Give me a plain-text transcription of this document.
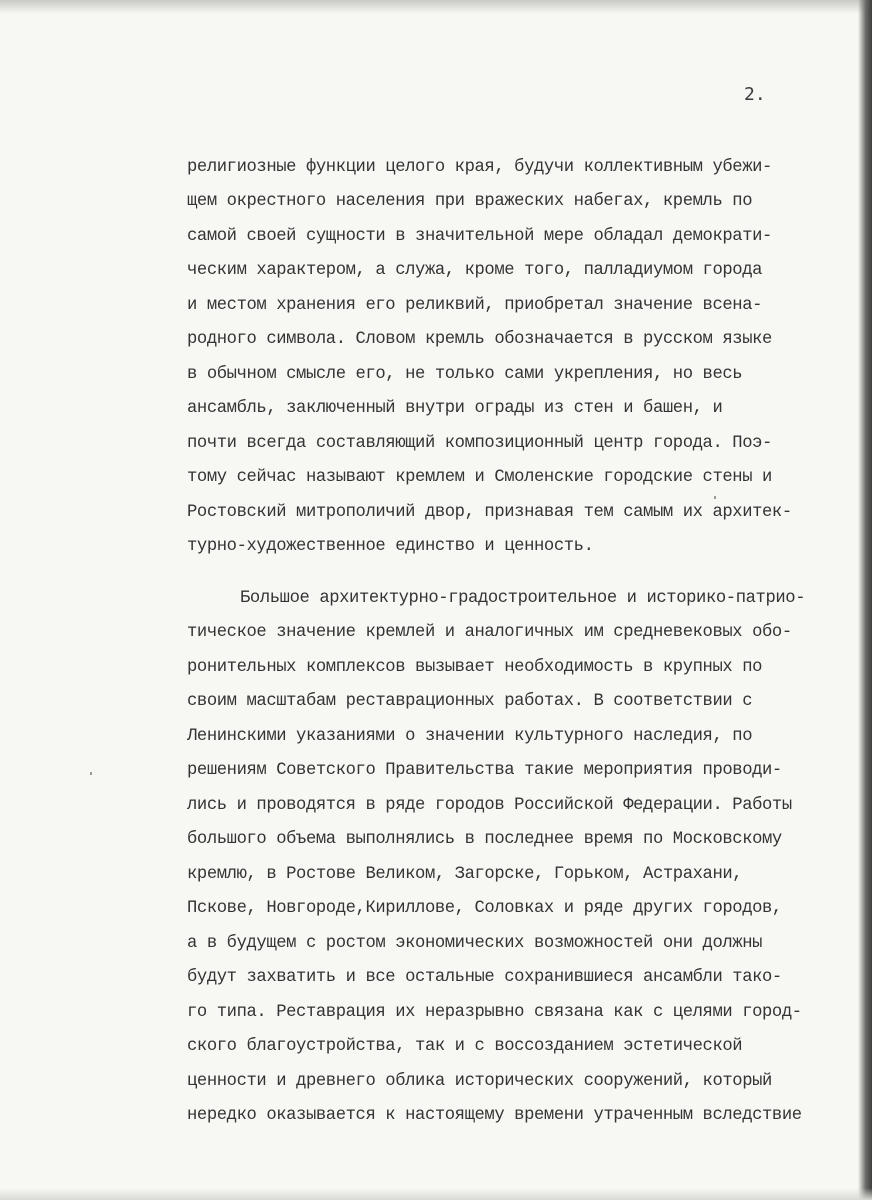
2.

религиозные функции целого края, будучи коллективным убежи-

щем окрестного населения при вражеских набегах, кремль по

самой своей сущности в значительной мере обладал демократи-

ческим характером, а служа, кроме того, палладиумом города

и местом хранения его реликвий, приобретал значение всена-

родного символа. Словом кремль обозначается в русском языке

в обычном смысле его, не только сами укрепления, но весь

ансамбль, заключенный внутри ограды из стен и башен, и

почти всегда составляющий композиционный центр города. Поэ-

тому сейчас называют кремлем и Смоленские городские стены и

Ростовский митрополичий двор, признавая тем самым их архитек-

турно-художественное единство и ценность.

Большое архитектурно-градостроительное и историко-патрио-

тическое значение кремлей и аналогичных им средневековых обо-

ронительных комплексов вызывает необходимость в крупных по

своим масштабам реставрационных работах. В соответствии с

Ленинскими указаниями о значении культурного наследия, по

решениям Советского Правительства такие мероприятия проводи-

лись и проводятся в ряде городов Российской Федерации. Работы

большого объема выполнялись в последнее время по Московскому

кремлю, в Ростове Великом, Загорске, Горьком, Астрахани,

Пскове, Новгороде,Кириллове, Соловках и ряде других городов,

а в будущем с ростом экономических возможностей они должны

будут захватить и все остальные сохранившиеся ансамбли тако-

го типа. Реставрация их неразрывно связана как с целями город-

ского благоустройства, так и с воссозданием эстетической

ценности и древнего облика исторических сооружений, который

нередко оказывается к настоящему времени утраченным вследствие
